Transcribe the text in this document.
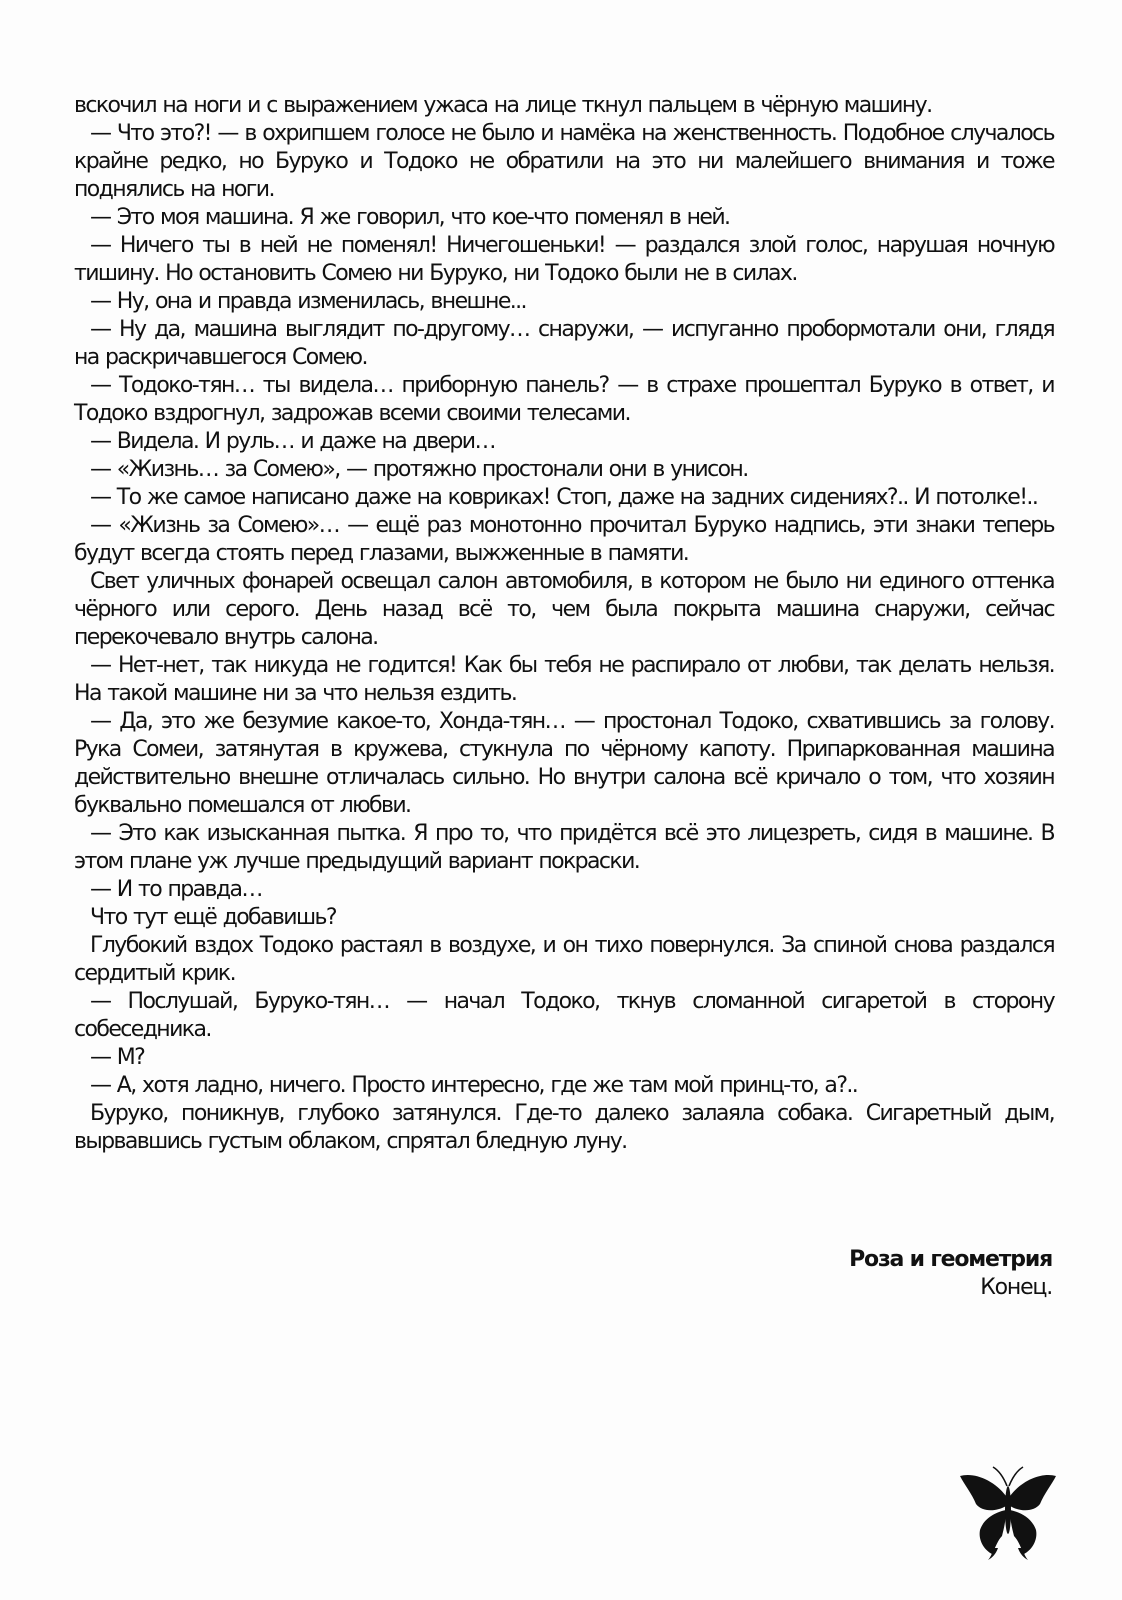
вскочил на ноги и с выражением ужаса на лице ткнул пальцем в чёрную машину.

— Что это?! — в охрипшем голосе не было и намёка на женственность. Подобное случалось крайне редко, но Буруко и Тодоко не обратили на это ни малейшего внимания и тоже поднялись на ноги.

— Это моя машина. Я же говорил, что кое-что поменял в ней.

— Ничего ты в ней не поменял! Ничегошеньки! — раздался злой голос, нарушая ночную тишину. Но остановить Сомею ни Буруко, ни Тодоко были не в силах.

— Ну, она и правда изменилась, внешне...

— Ну да, машина выглядит по-другому… снаружи, — испуганно пробормотали они, глядя на раскричавшегося Сомею.

— Тодоко-тян… ты видела… приборную панель? — в страхе прошептал Буруко в ответ, и Тодоко вздрогнул, задрожав всеми своими телесами.

— Видела. И руль… и даже на двери…

— «Жизнь… за Сомею», — протяжно простонали они в унисон.

— То же самое написано даже на ковриках! Стоп, даже на задних сидениях?.. И потолке!..

— «Жизнь за Сомею»… — ещё раз монотонно прочитал Буруко надпись, эти знаки теперь будут всегда стоять перед глазами, выжженные в памяти.

Свет уличных фонарей освещал салон автомобиля, в котором не было ни единого оттенка чёрного или серого. День назад всё то, чем была покрыта машина снаружи, сейчас перекочевало внутрь салона.

— Нет-нет, так никуда не годится! Как бы тебя не распирало от любви, так делать нельзя. На такой машине ни за что нельзя ездить.

— Да, это же безумие какое-то, Хонда-тян… — простонал Тодоко, схватившись за голову. Рука Сомеи, затянутая в кружева, стукнула по чёрному капоту. Припаркованная машина действительно внешне отличалась сильно. Но внутри салона всё кричало о том, что хозяин буквально помешался от любви.

— Это как изысканная пытка. Я про то, что придётся всё это лицезреть, сидя в машине. В этом плане уж лучше предыдущий вариант покраски.

— И то правда…

Что тут ещё добавишь?

Глубокий вздох Тодоко растаял в воздухе, и он тихо повернулся. За спиной снова раздался сердитый крик.

— Послушай, Буруко-тян… — начал Тодоко, ткнув сломанной сигаретой в сторону собеседника.

— М?

— А, хотя ладно, ничего. Просто интересно, где же там мой принц-то, а?..

Буруко, поникнув, глубоко затянулся. Где-то далеко залаяла собака. Сигаретный дым, вырвавшись густым облаком, спрятал бледную луну.

Роза и геометрия
Конец.
